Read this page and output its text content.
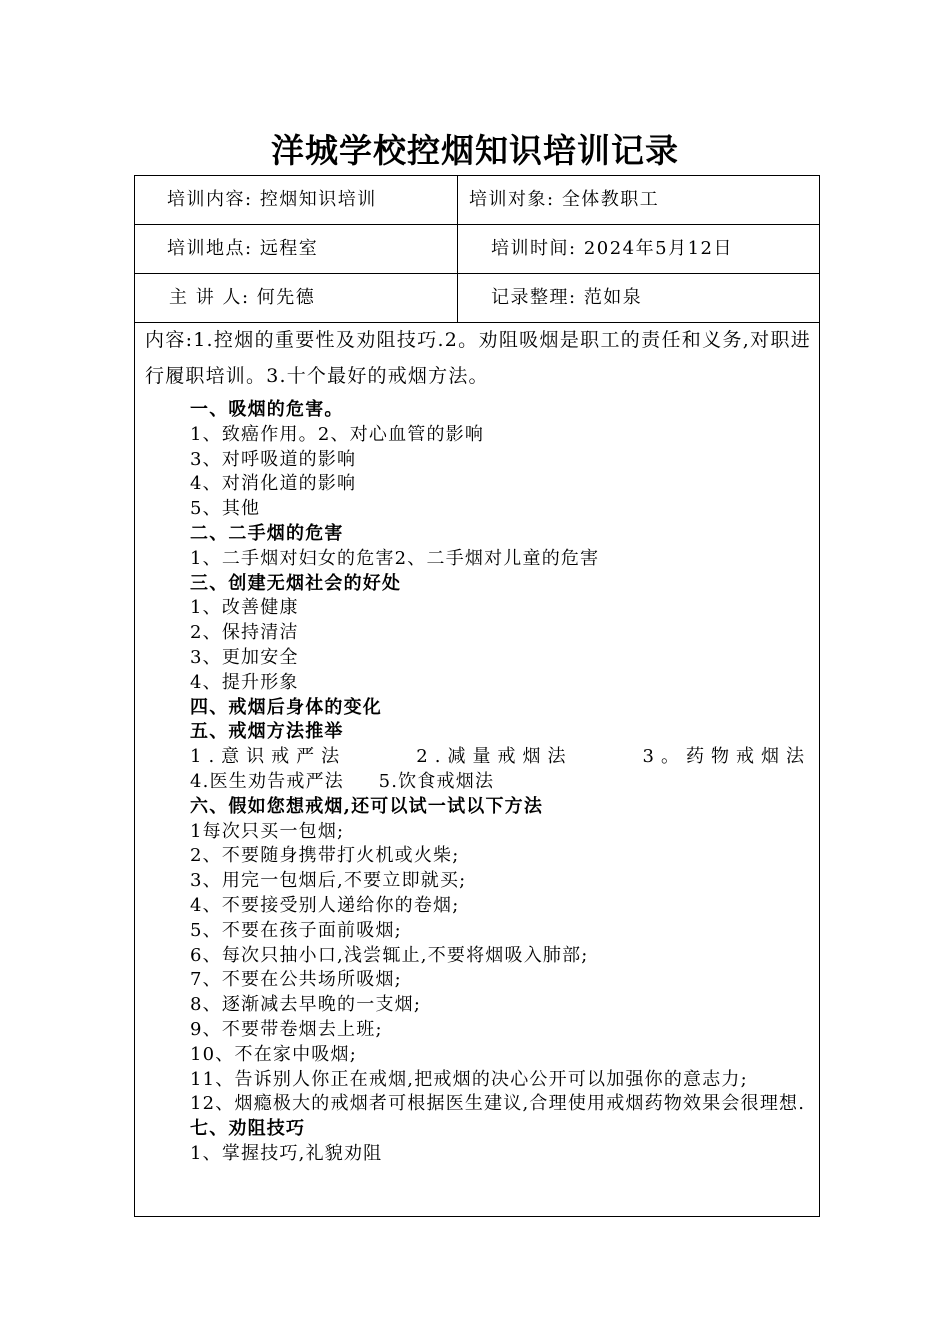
洋城学校控烟知识培训记录
培训内容: 控烟知识培训	培训对象: 全体教职工
培训地点: 远程室	培训时间: 2024年5月12日
主 讲 人: 何先德	记录整理: 范如泉
内容:1.控烟的重要性及劝阻技巧.2。劝阻吸烟是职工的责任和义务,对职进行履职培训。3.十个最好的戒烟方法。
一、吸烟的危害。
1、致癌作用。2、对心血管的影响
3、对呼吸道的影响
4、对消化道的影响
5、其他
二、二手烟的危害
1、二手烟对妇女的危害2、二手烟对儿童的危害
三、创建无烟社会的好处
1、改善健康
2、保持清洁
3、更加安全
4、提升形象
四、戒烟后身体的变化
五、戒烟方法推举
1.意识戒严法	2.减量戒烟法	3。药物戒烟法
4.医生劝告戒严法     5.饮食戒烟法
六、假如您想戒烟,还可以试一试以下方法
1每次只买一包烟;
2、不要随身携带打火机或火柴;
3、用完一包烟后,不要立即就买;
4、不要接受别人递给你的卷烟;
5、不要在孩子面前吸烟;
6、每次只抽小口,浅尝辄止,不要将烟吸入肺部;
7、不要在公共场所吸烟;
8、逐渐减去早晚的一支烟;
9、不要带卷烟去上班;
10、不在家中吸烟;
11、告诉别人你正在戒烟,把戒烟的决心公开可以加强你的意志力;
12、烟瘾极大的戒烟者可根据医生建议,合理使用戒烟药物效果会很理想.
七、劝阻技巧
1、掌握技巧,礼貌劝阻
